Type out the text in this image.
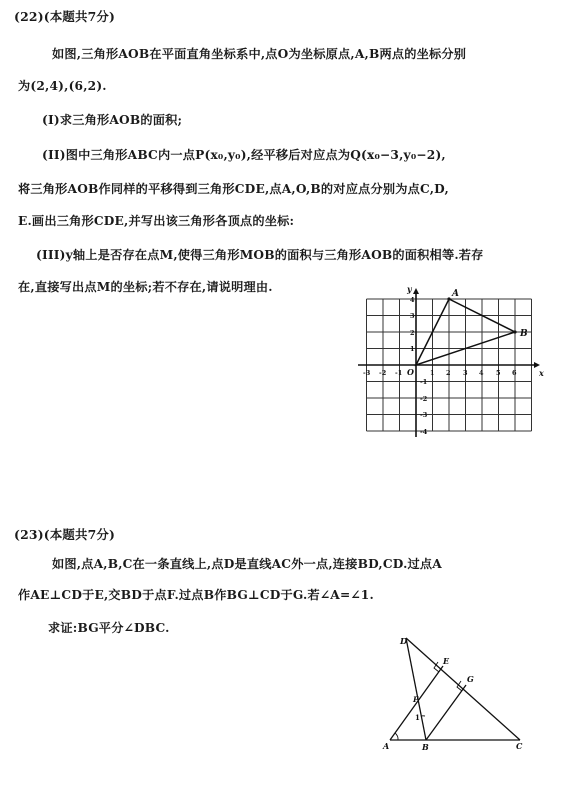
(22)(本题共7分)
如图,三角形AOB在平面直角坐标系中,点O为坐标原点,A,B两点的坐标分别
为(2,4),(6,2).
(I)求三角形AOB的面积;
(II)图中三角形ABC内一点P(x₀,y₀),经平移后对应点为Q(x₀−3,y₀−2),
将三角形AOB作同样的平移得到三角形CDE,点A,O,B的对应点分别为点C,D,
E.画出三角形CDE,并写出该三角形各顶点的坐标:
(III)y轴上是否存在点M,使得三角形MOB的面积与三角形AOB的面积相等.若存
在,直接写出点M的坐标;若不存在,请说明理由.	A
B
x
y
-3 -2 -1 O 1 2 3 4 5 6
4
3
2
1
-1
-2
-3
-4
(23)(本题共7分)
如图,点A,B,C在一条直线上,点D是直线AC外一点,连接BD,CD.过点A
作AE⊥CD于E,交BD于点F.过点B作BG⊥CD于G.若∠A=∠1.
求证:BG平分∠DBC.
D
E
G
F
1
A	B	C
